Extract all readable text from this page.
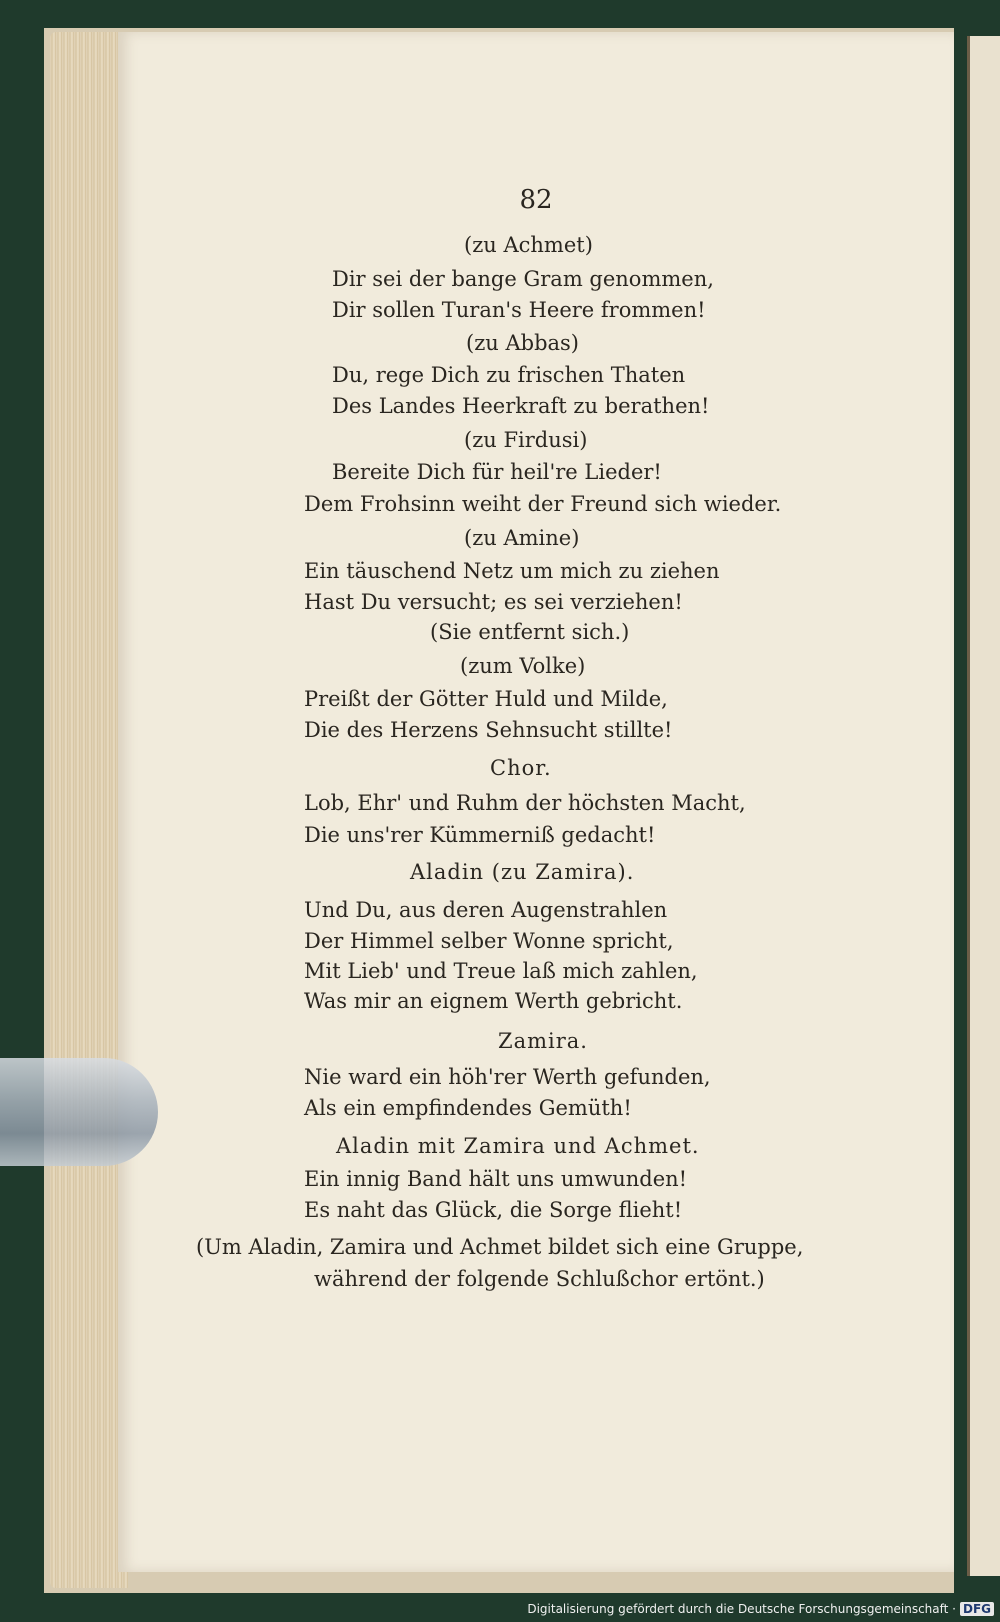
82
(zu Achmet)
Dir sei der bange Gram genommen,
Dir sollen Turan's Heere frommen!
(zu Abbas)
Du, rege Dich zu frischen Thaten
Des Landes Heerkraft zu berathen!
(zu Firdusi)
Bereite Dich für heil're Lieder!
Dem Frohsinn weiht der Freund sich wieder.
(zu Amine)
Ein täuschend Netz um mich zu ziehen
Hast Du versucht; es sei verziehen!
(Sie entfernt sich.)
(zum Volke)
Preißt der Götter Huld und Milde,
Die des Herzens Sehnsucht stillte!
Chor.
Lob, Ehr' und Ruhm der höchsten Macht,
Die uns'rer Kümmerniß gedacht!
Aladin (zu Zamira).
Und Du, aus deren Augenstrahlen
Der Himmel selber Wonne spricht,
Mit Lieb' und Treue laß mich zahlen,
Was mir an eignem Werth gebricht.
Zamira.
Nie ward ein höh'rer Werth gefunden,
Als ein empfindendes Gemüth!
Aladin mit Zamira und Achmet.
Ein innig Band hält uns umwunden!
Es naht das Glück, die Sorge flieht!
(Um Aladin, Zamira und Achmet bildet sich eine Gruppe,
während der folgende Schlußchor ertönt.)
Digitalisierung gefördert durch die Deutsche Forschungsgemeinschaft · DFG
